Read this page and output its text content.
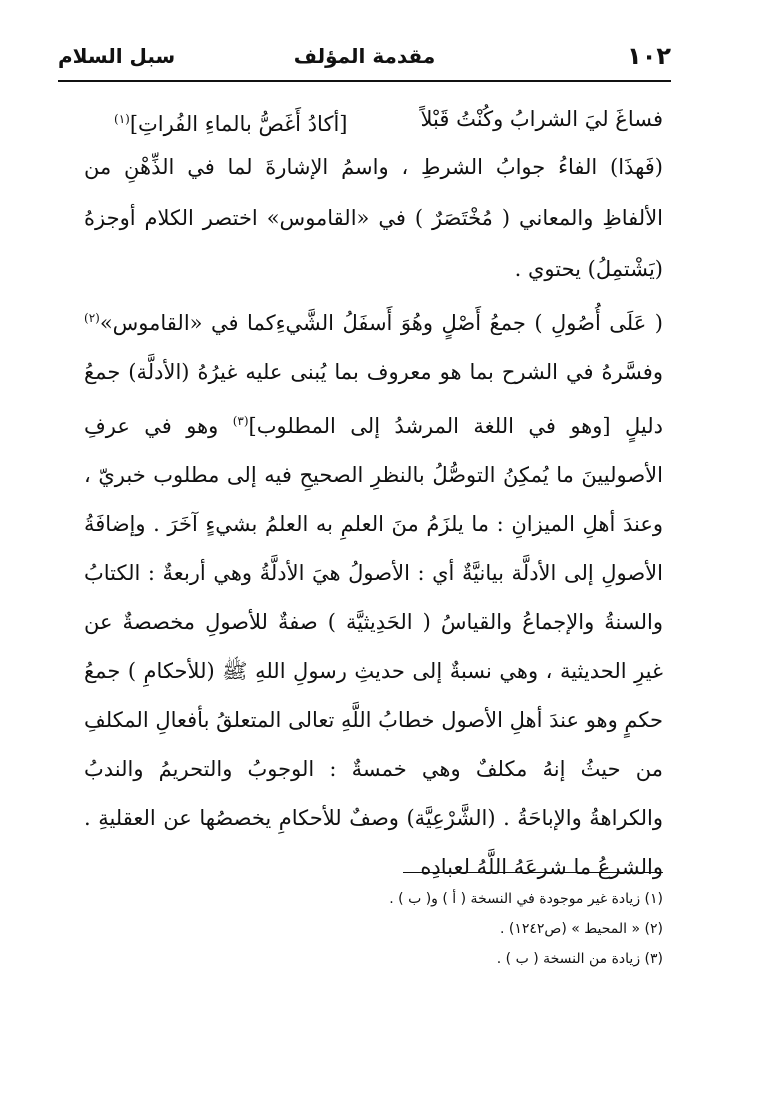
١٠٢
مقدمة المؤلف
سبل السلام
فساغَ ليَ الشرابُ وكُنْتُ قَبْلاً
[أكادُ أَغَصُّ بالماءِ الفُراتِ]$^{(١)}$

(فَهذَا) الفاءُ جوابُ الشرطِ ، واسمُ الإشارةَ لما في الذِّهْنِ من الألفاظِ والمعاني ( مُخْتَصَرٌ ) في «القاموس» اختصر الكلام أوجزهُ (يَشْتمِلُ) يحتوي .

( عَلَى أُصُولِ ) جمعُ أَصْلٍ وهُوَ أَسفَلُ الشَّيءِكما في «القاموس»$^{(٢)}$ وفسَّرهُ في الشرح بما هو معروف بما يُبنى عليه غيرُهُ (الأدلَّة) جمعُ دليلٍ [وهو في اللغة المرشدُ إلى المطلوب]$^{(٣)}$ وهو في عرفِ الأصوليينَ ما يُمكِنُ التوصُّلُ بالنظرِ الصحيحِ فيه إلى مطلوب خبريّ ، وعندَ أهلِ الميزانِ : ما يلزَمُ منَ العلمِ به العلمُ بشيءٍ آخَرَ . وإضافَةُ الأصولِ إلى الأدلَّة بيانيَّةٌ أي : الأصولُ هيَ الأدلَّةُ وهي أربعةٌ : الكتابُ والسنةُ والإجماعُ والقياسُ ( الحَدِيثيَّة ) صفةٌ للأصولِ مخصصةٌ عن غيرِ الحديثية ، وهي نسبةٌ إلى حديثِ رسولِ اللهِ ﷺ (للأحكامِ ) جمعُ حكمٍ وهو عندَ أهلِ الأصول خطابُ اللَّهِ تعالى المتعلقُ بأفعالِ المكلفِ من حيثُ إنهُ مكلفٌ وهي خمسةٌ : الوجوبُ والتحريمُ والندبُ والكراهةُ والإباحَةُ . (الشَّرْعِيَّة) وصفٌ للأحكامِ يخصصُها عن العقليةِ . والشرعُ ما شرعَهُ اللَّهُ لعبادِه

(١) زيادة غير موجودة في النسخة ( أ ) و( ب ) .
(٢) « المحيط » (ص١٢٤٢) .
(٣) زيادة من النسخة ( ب ) .
